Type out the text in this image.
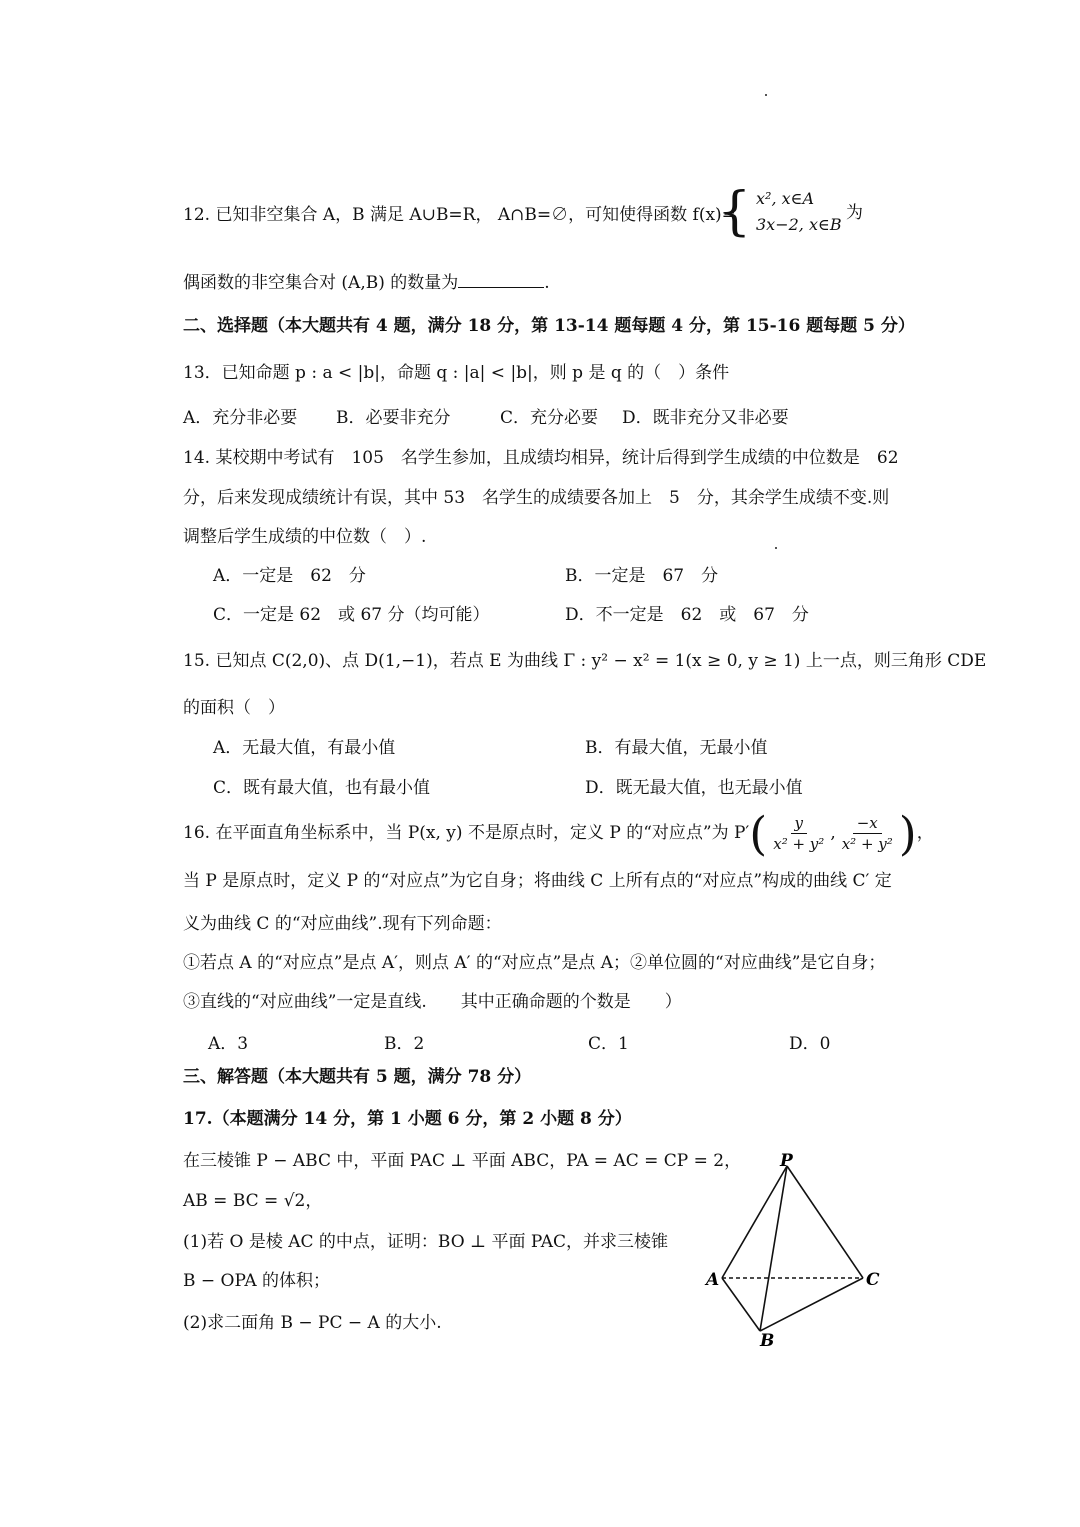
12. 已知非空集合 A，B 满足 A∪B=R， A∩B=∅，可知使得函数 f(x)=
{ x², x∈A
3x−2, x∈B
为
偶函数的非空集合对 (A,B) 的数量为	.
二、选择题（本大题共有 4 题，满分 18 分，第 13-14 题每题 4 分，第 15-16 题每题 5 分）
13．已知命题 p : a < |b|，命题 q : |a| < |b|，则 p 是 q 的（　）条件
A．充分非必要 B．必要非充分	C．充分必要 D．既非充分又非必要
14. 某校期中考试有　105　名学生参加，且成绩均相异，统计后得到学生成绩的中位数是　62
分，后来发现成绩统计有误，其中 53　名学生的成绩要各加上　5　分，其余学生成绩不变.则
调整后学生成绩的中位数（　）.
A．一定是　62　分	B．一定是　67　分
C．一定是 62　或 67 分（均可能）	D．不一定是　62　或　67　分
15. 已知点 C(2,0)、点 D(1,−1)，若点 E 为曲线 Γ : y² − x² = 1(x ≥ 0, y ≥ 1) 上一点，则三角形 CDE
的面积（　）
A．无最大值，有最小值	B．有最大值，无最小值
C．既有最大值，也有最小值	D．既无最大值，也无最小值
16. 在平面直角坐标系中，当 P(x, y) 不是原点时，定义 P 的“对应点”为 $P'( \frac{y}{\text{x² + y²}}$ , $\frac{-x}{\text{x² + y²}}$ )，
当 P 是原点时，定义 P 的“对应点”为它自身；将曲线 C 上所有点的“对应点”构成的曲线 C′ 定
义为曲线 C 的“对应曲线”.现有下列命题：
①若点 A 的“对应点”是点 A′，则点 A′ 的“对应点”是点 A；②单位圆的“对应曲线”是它自身；
③直线的“对应曲线”一定是直线.　　其中正确命题的个数是　　）
A．3	B．2	C．1	D．0
三、解答题（本大题共有 5 题，满分 78 分）
17.（本题满分 14 分，第 1 小题 6 分，第 2 小题 8 分）
在三棱锥 P − ABC 中，平面 PAC ⊥ 平面 ABC，PA = AC = CP = 2，
AB = BC = √2，
(1)若 O 是棱 AC 的中点，证明：BO ⊥ 平面 PAC，并求三棱锥
B − OPA 的体积；
(2)求二面角 B − PC − A 的大小.
P
A
B
C
